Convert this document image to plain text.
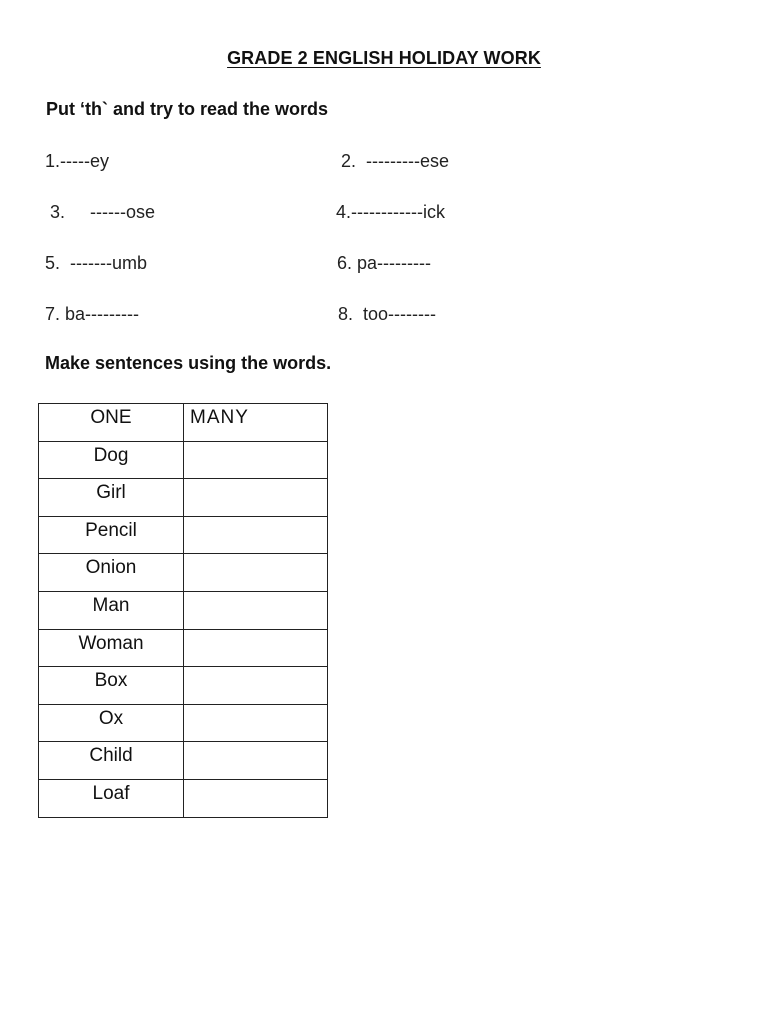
GRADE 2 ENGLISH HOLIDAY WORK
Put ‘th` and try to read the words
1.-----ey	2.  ---------ese
3.     ------ose	4.------------ick
5.  -------umb	6. pa---------
7. ba---------	8.  too--------
Make sentences using the words.
ONE	MANY
Dog	
Girl	
Pencil	
Onion	
Man	
Woman	
Box	
Ox	
Child	
Loaf	
